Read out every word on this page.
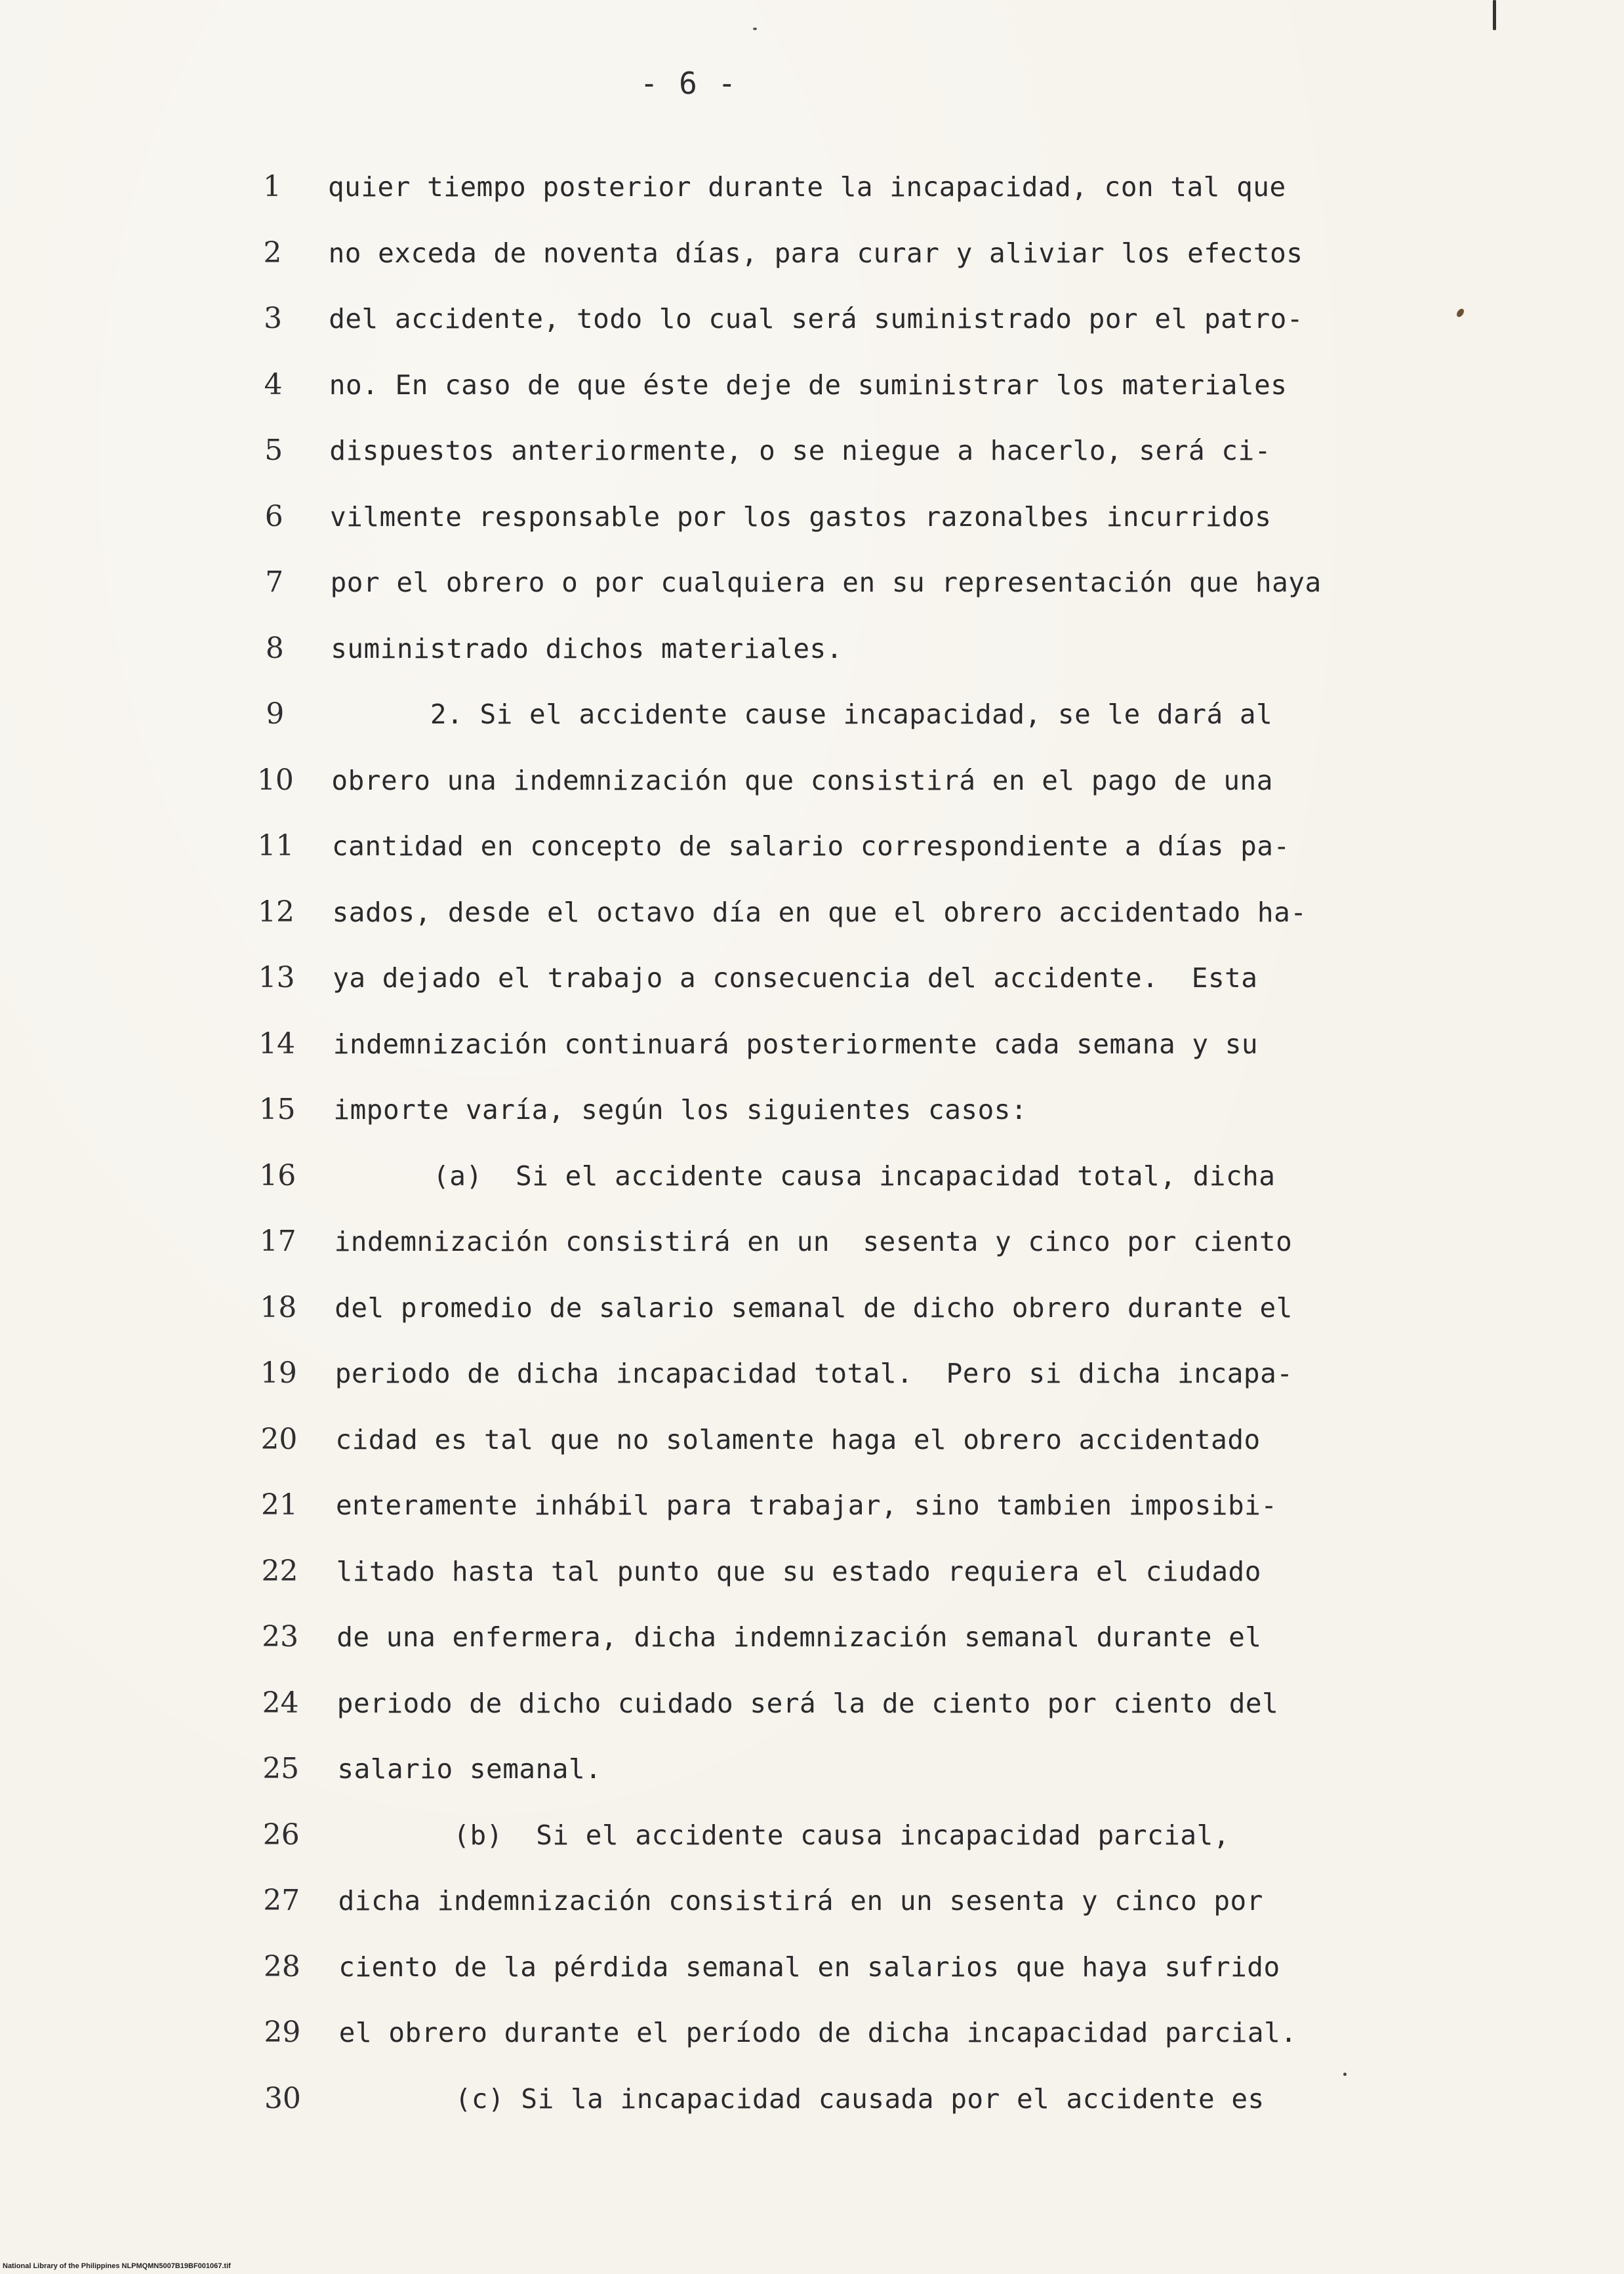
- 6 -
1	quier tiempo posterior durante la incapacidad, con tal que
2	no exceda de noventa días, para curar y aliviar los efectos
3	del accidente, todo lo cual será suministrado por el patro-
4	no. En caso de que éste deje de suministrar los materiales
5	dispuestos anteriormente, o se niegue a hacerlo, será ci-
6	vilmente responsable por los gastos razonalbes incurridos
7	por el obrero o por cualquiera en su representación que haya
8	suministrado dichos materiales.
9	2. Si el accidente cause incapacidad, se le dará al
10	obrero una indemnización que consistirá en el pago de una
11	cantidad en concepto de salario correspondiente a días pa-
12	sados, desde el octavo día en que el obrero accidentado ha-
13	ya dejado el trabajo a consecuencia del accidente.  Esta
14	indemnización continuará posteriormente cada semana y su
15	importe varía, según los siguientes casos:
16	(a)  Si el accidente causa incapacidad total, dicha
17	indemnización consistirá en un  sesenta y cinco por ciento
18	del promedio de salario semanal de dicho obrero durante el
19	periodo de dicha incapacidad total.  Pero si dicha incapa-
20	cidad es tal que no solamente haga el obrero accidentado
21	enteramente inhábil para trabajar, sino tambien imposibi-
22	litado hasta tal punto que su estado requiera el ciudado
23	de una enfermera, dicha indemnización semanal durante el
24	periodo de dicho cuidado será la de ciento por ciento del
25	salario semanal.
26	(b)  Si el accidente causa incapacidad parcial,
27	dicha indemnización consistirá en un sesenta y cinco por
28	ciento de la pérdida semanal en salarios que haya sufrido
29	el obrero durante el período de dicha incapacidad parcial.
30	(c) Si la incapacidad causada por el accidente es
National Library of the Philippines NLPMQMN5007B19BF001067.tif
